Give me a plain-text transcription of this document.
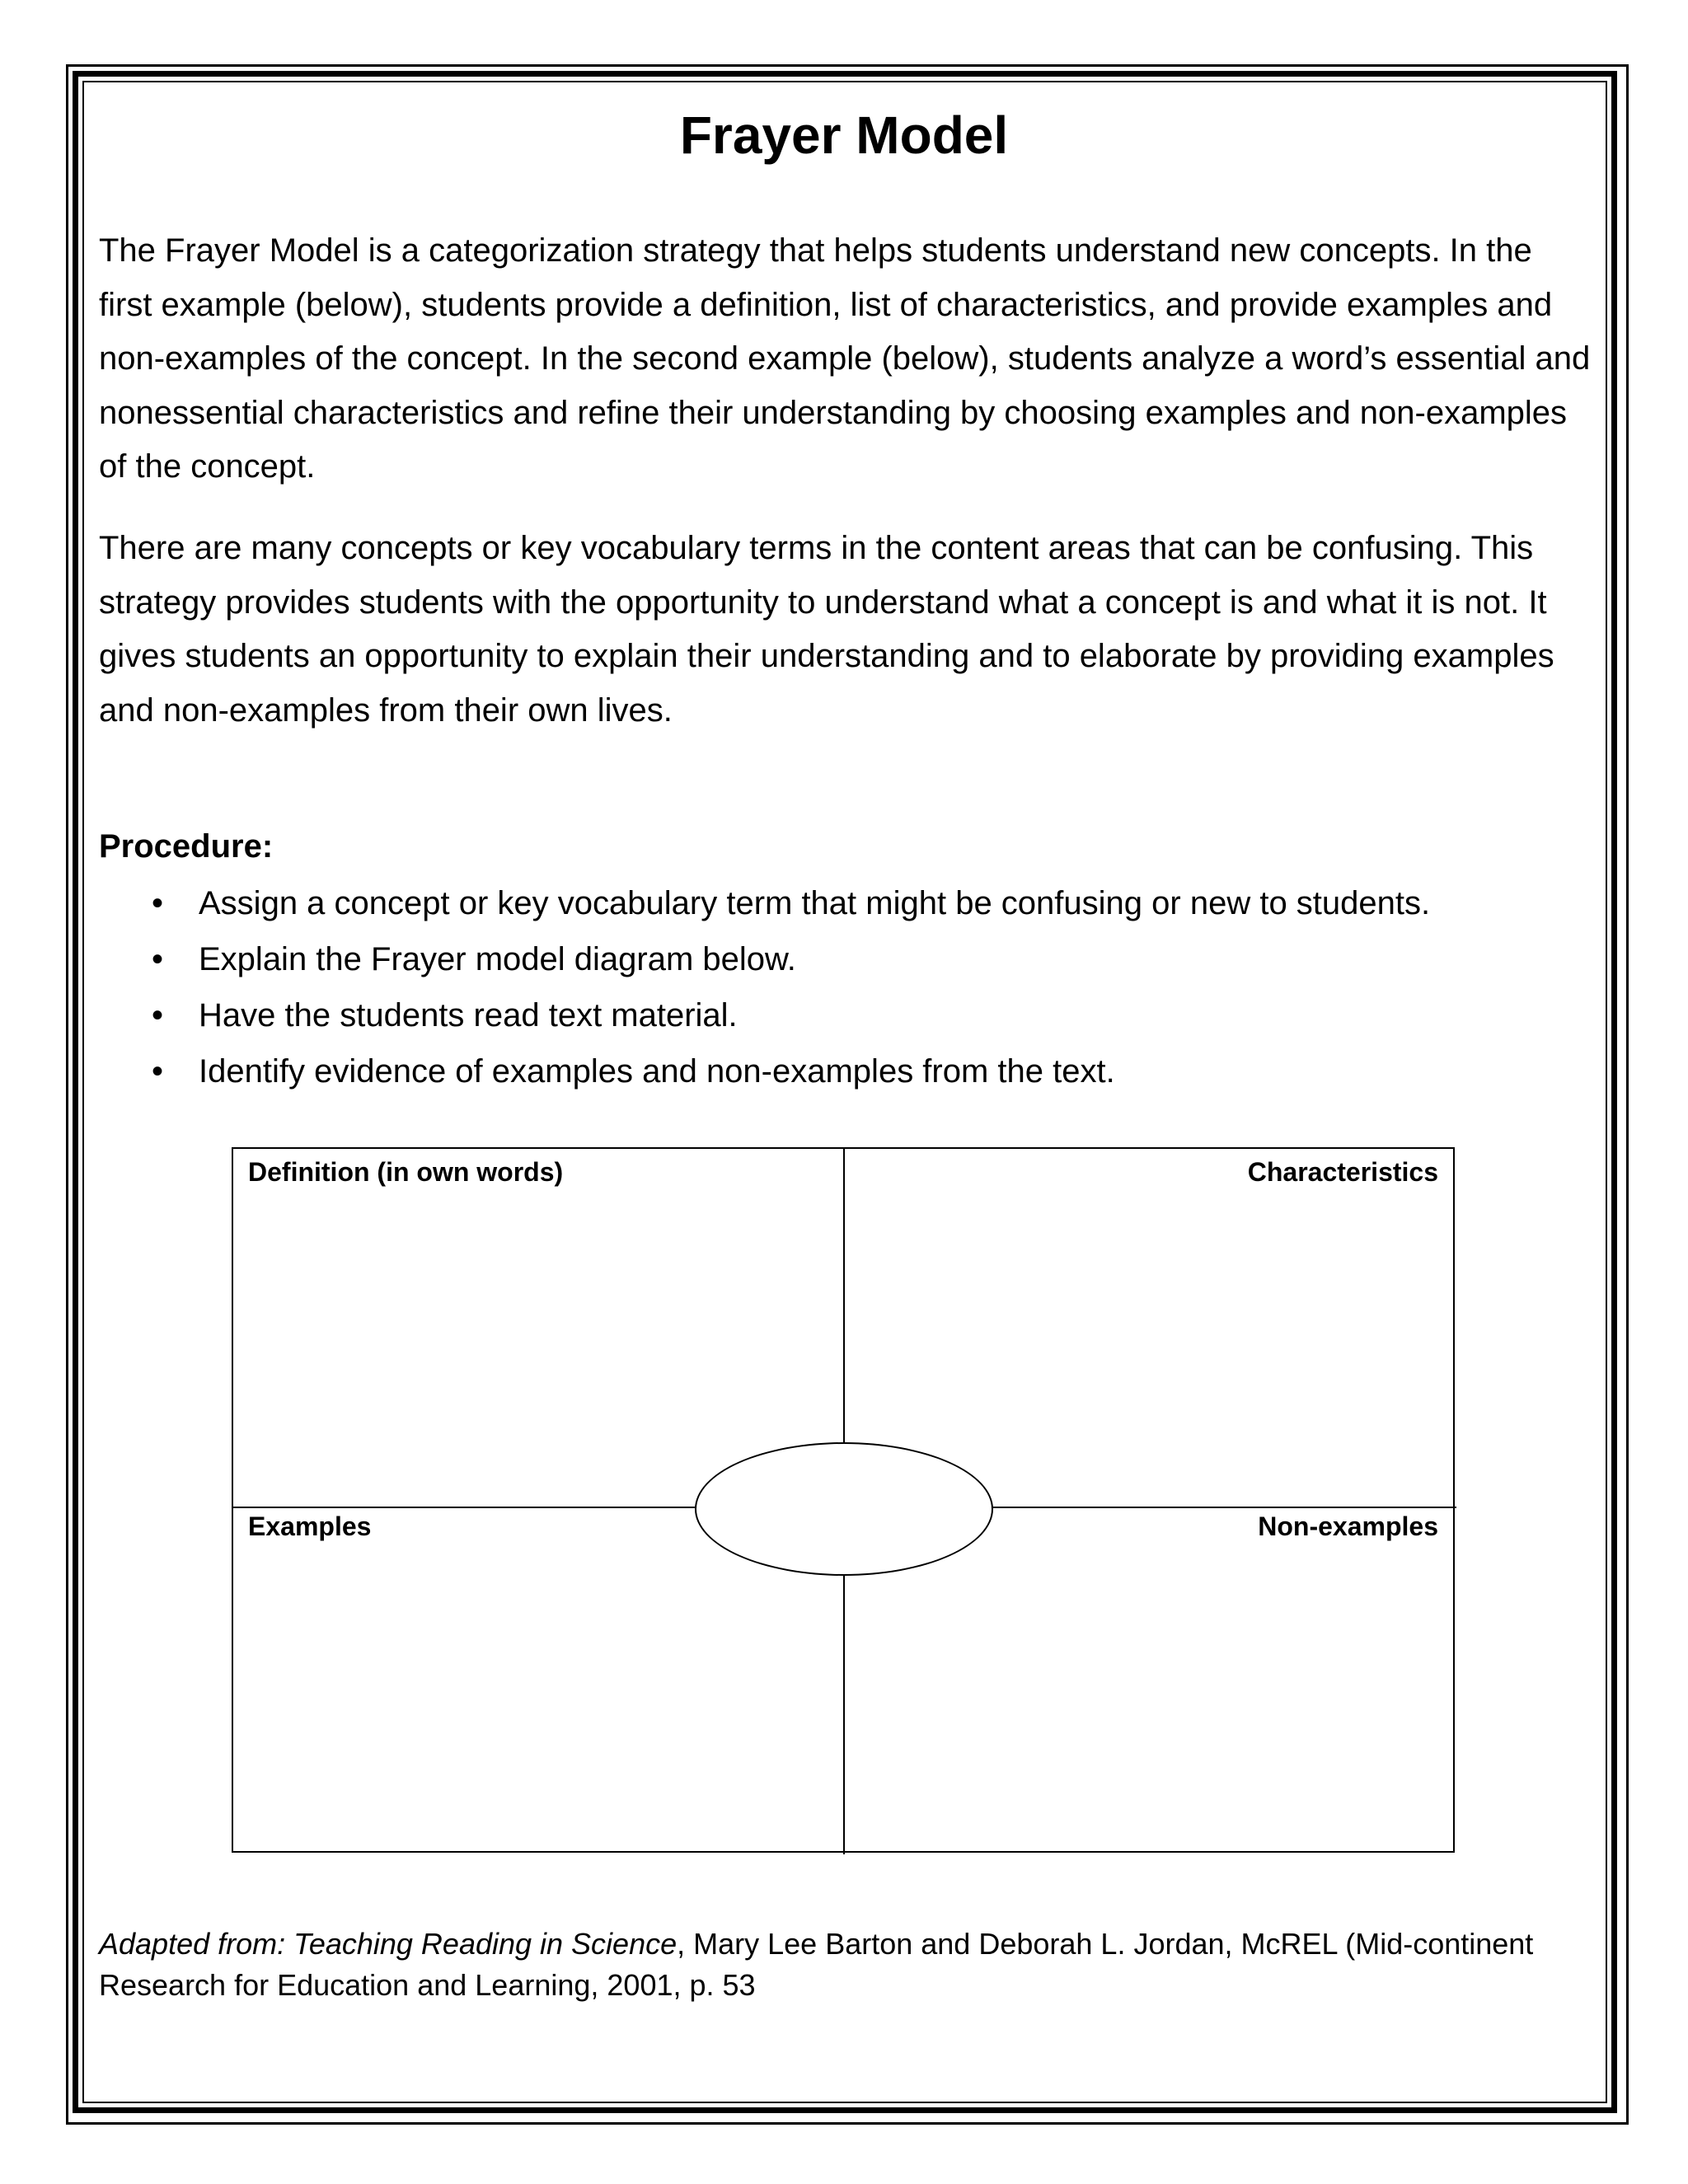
Frayer Model

The Frayer Model is a categorization strategy that helps students understand new concepts. In the first example (below), students provide a definition, list of characteristics, and provide examples and non-examples of the concept. In the second example (below), students analyze a word’s essential and nonessential characteristics and refine their understanding by choosing examples and non-examples of the concept.

There are many concepts or key vocabulary terms in the content areas that can be confusing. This strategy provides students with the opportunity to understand what a concept is and what it is not. It gives students an opportunity to explain their understanding and to elaborate by providing examples and non-examples from their own lives.

Procedure:
• Assign a concept or key vocabulary term that might be confusing or new to students.
• Explain the Frayer model diagram below.
• Have the students read text material.
• Identify evidence of examples and non-examples from the text.
Definition (in own words)	Characteristics
Examples	Non-examples

Adapted from: Teaching Reading in Science, Mary Lee Barton and Deborah L. Jordan, McREL (Mid-continent Research for Education and Learning, 2001, p. 53
